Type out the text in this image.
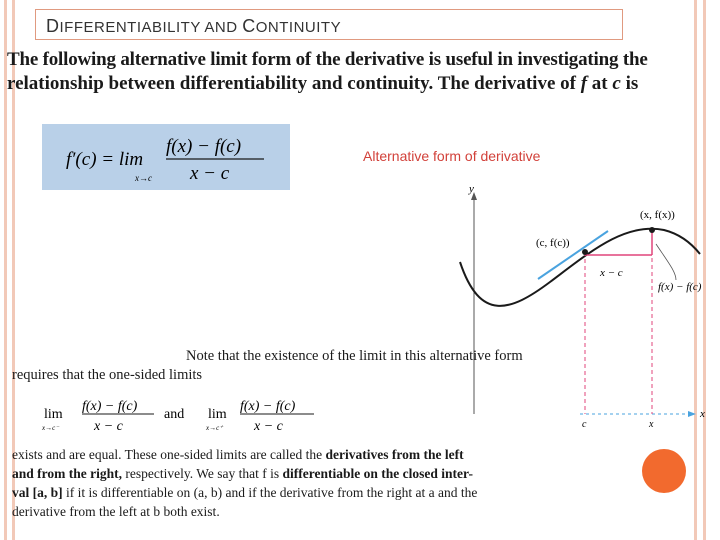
DIFFERENTIABILITY AND CONTINUITY
The following alternative limit form of the derivative is useful in investigating the
relationship between differentiability and continuity. The derivative of f at c is
f′(c) = lim
x→c
f(x) − f(c)
x − c
Alternative form of derivative
y
x
(x, f(x))
(c, f(c))
x − c
f(x) − f(c)
c	x
Note that the existence of the limit in this alternative form
requires that the one-sided limits
lim
x→c⁻
f(x) − f(c)
x − c
and lim
x→c⁺
f(x) − f(c)
x − c
exists and are equal. These one-sided limits are called the derivatives from the left
and from the right, respectively. We say that f is differentiable on the closed inter-
val [a, b] if it is differentiable on (a, b) and if the derivative from the right at a and the
derivative from the left at b both exist.
